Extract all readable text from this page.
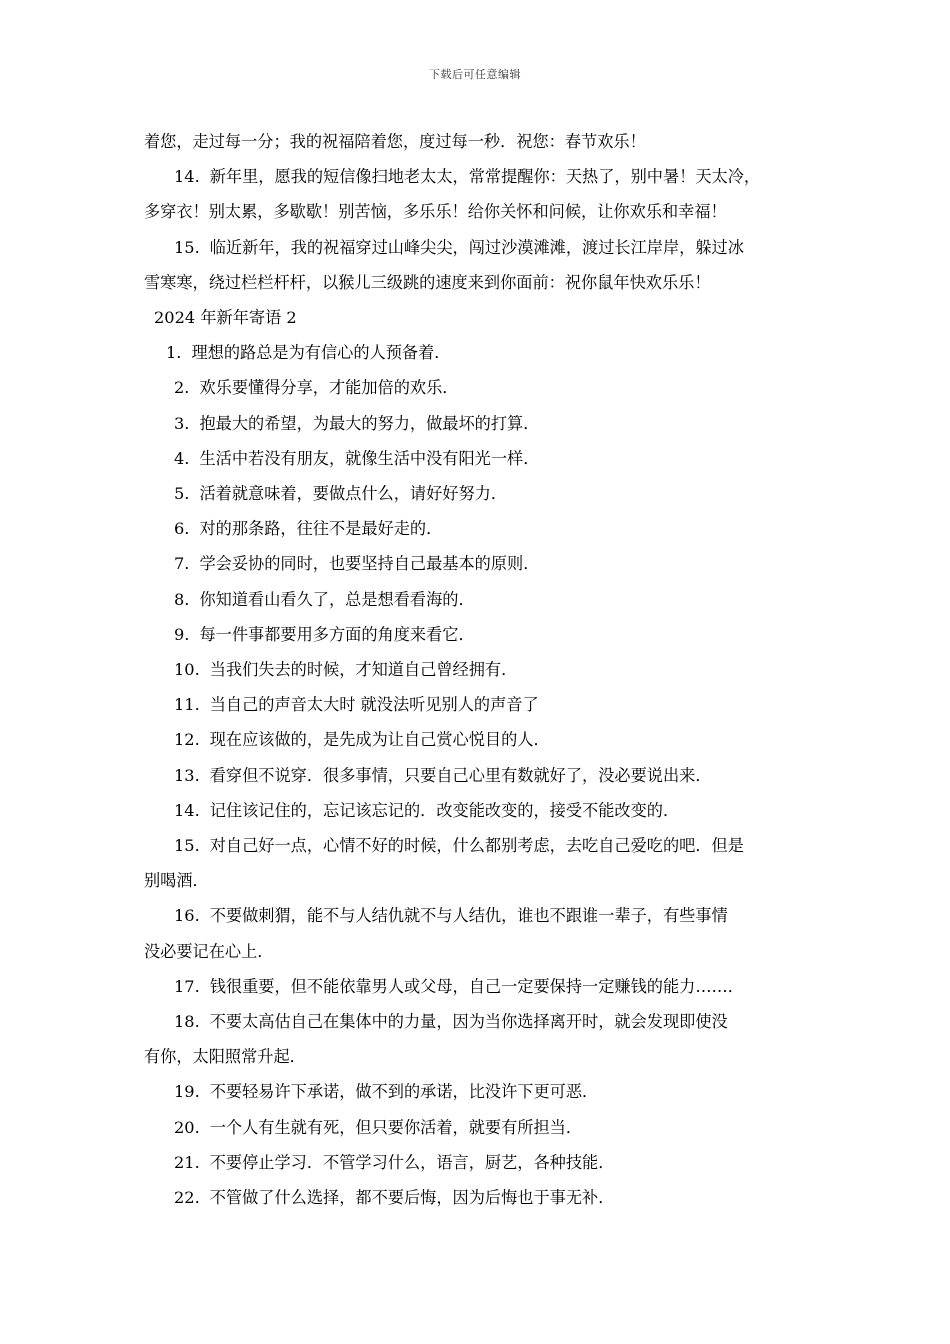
下载后可任意编辑

着您，走过每一分；我的祝福陪着您，度过每一秒．祝您：春节欢乐！

14. 新年里，愿我的短信像扫地老太太，常常提醒你：天热了，别中暑！天太冷，

多穿衣！别太累，多歇歇！别苦恼，多乐乐！给你关怀和问候，让你欢乐和幸福！

15. 临近新年，我的祝福穿过山峰尖尖，闯过沙漠滩滩，渡过长江岸岸，躲过冰

雪寒寒，绕过栏栏杆杆，以猴儿三级跳的速度来到你面前：祝你鼠年快欢乐乐！

2024 年新年寄语 2

1. 理想的路总是为有信心的人预备着．

2. 欢乐要懂得分享，才能加倍的欢乐．

3. 抱最大的希望，为最大的努力，做最坏的打算．

4. 生活中若没有朋友，就像生活中没有阳光一样．

5. 活着就意味着，要做点什么，请好好努力．

6. 对的那条路，往往不是最好走的．

7. 学会妥协的同时，也要坚持自己最基本的原则．

8. 你知道看山看久了，总是想看看海的．

9. 每一件事都要用多方面的角度来看它．

10. 当我们失去的时候，才知道自己曾经拥有．

11. 当自己的声音太大时 就没法听见别人的声音了

12. 现在应该做的，是先成为让自己赏心悦目的人．

13. 看穿但不说穿．很多事情，只要自己心里有数就好了，没必要说出来．

14. 记住该记住的，忘记该忘记的．改变能改变的，接受不能改变的．

15. 对自己好一点，心情不好的时候，什么都别考虑，去吃自己爱吃的吧．但是

别喝酒．

16. 不要做刺猬，能不与人结仇就不与人结仇，谁也不跟谁一辈子，有些事情

没必要记在心上．

17. 钱很重要，但不能依靠男人或父母，自己一定要保持一定赚钱的能力……．

18. 不要太高估自己在集体中的力量，因为当你选择离开时，就会发现即使没

有你，太阳照常升起．

19. 不要轻易许下承诺，做不到的承诺，比没许下更可恶．

20. 一个人有生就有死，但只要你活着，就要有所担当．

21. 不要停止学习．不管学习什么，语言，厨艺，各种技能．

22. 不管做了什么选择，都不要后悔，因为后悔也于事无补．
